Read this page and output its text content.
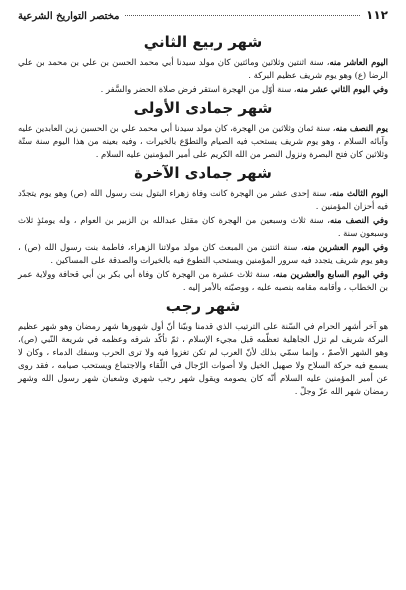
١١٢
مختصر التواريخ الشرعية
شهر ربيع الثاني

اليوم العاشر منه، سنة اثنتين وثلاثين ومائتين كان مولد سيدنا أبي محمد الحسن بن علي بن محمد بن علي الرضا (ع) وهو يوم شريف عظيم البركة .

وفي اليوم الثاني عشر منه، سنة أوّل من الهجرة استقر فرض صلاة الحضر والسَّفر .

شهر جمادى الأولى

يوم النصف منه، سنة ثمان وثلاثين من الهجرة، كان مولد سيدنا أبي محمد علي بن الحسين زين العابدين عليه وآبائه السلام ، وهو يوم شريف يستحب فيه الصيام والتطوّع بالخيرات ، وفيه بعينه من هذا اليوم سنة ستّة وثلاثين كان فتح البصرة ونزول النصر من الله الكريم على أمير المؤمنين عليه السلام .

شهر جمادى الآخرة

اليوم الثالث منه، سنة إحدى عشر من الهجرة كانت وفاة زهراء البتول بنت رسول الله (ص) وهو يوم يتجدّد فيه أحزان المؤمنين .

وفي النصف منه، سنة ثلاث وسبعين من الهجرة كان مقتل عبدالله بن الزبير بن العوام ، وله يومئذٍ ثلاث وسبعون سنة .

وفي اليوم العشرين منه، سنة اثنتين من المبعث كان مولد مولاتنا الزهراء، فاطمة بنت رسول الله (ص) ، وهو يوم شريف يتجدد فيه سرور المؤمنين ويستحب التطوع فيه بالخيرات والصدقة على المساكين .

وفي اليوم السابع والعشرين منه، سنة ثلاث عشرة من الهجرة كان وفاة أبي بكر بن أبي قحافة وولاية عمر بن الخطاب ، وأقامه مقامه بنصبه عليه ، ووصيّته بالأمر إليه .

شهر رجب

هو آخر أشهر الحرام في السّنة على الترتيب الذي قدمنا وبيّنا أنّ أول شهورها شهر رمضان وهو شهر عظيم البركة شريف لم تزل الجاهلية تعظّمه قبل مجيء الإسلام ، ثمّ تأكّد شرفه وعظمه في شريعة النّبي (ص)، وهو الشهر الأصمّ ، وإنما سمّي بذلك لأنّ العرب لم تكن تغزوا فيه ولا ترى الحرب وسفك الدماء ، وكان لا يسمع فيه حركة السلاح ولا صهيل الخيل ولا أصوات الرّجال في اللّقاء والاجتماع ويستحب صيامه ، فقد روى عن أمير المؤمنين عليه السلام أنّه كان يصومه ويقول شهر رجب شهري وشعبان شهر رسول الله وشهر رمضان شهر الله عزّ وجلّ .
